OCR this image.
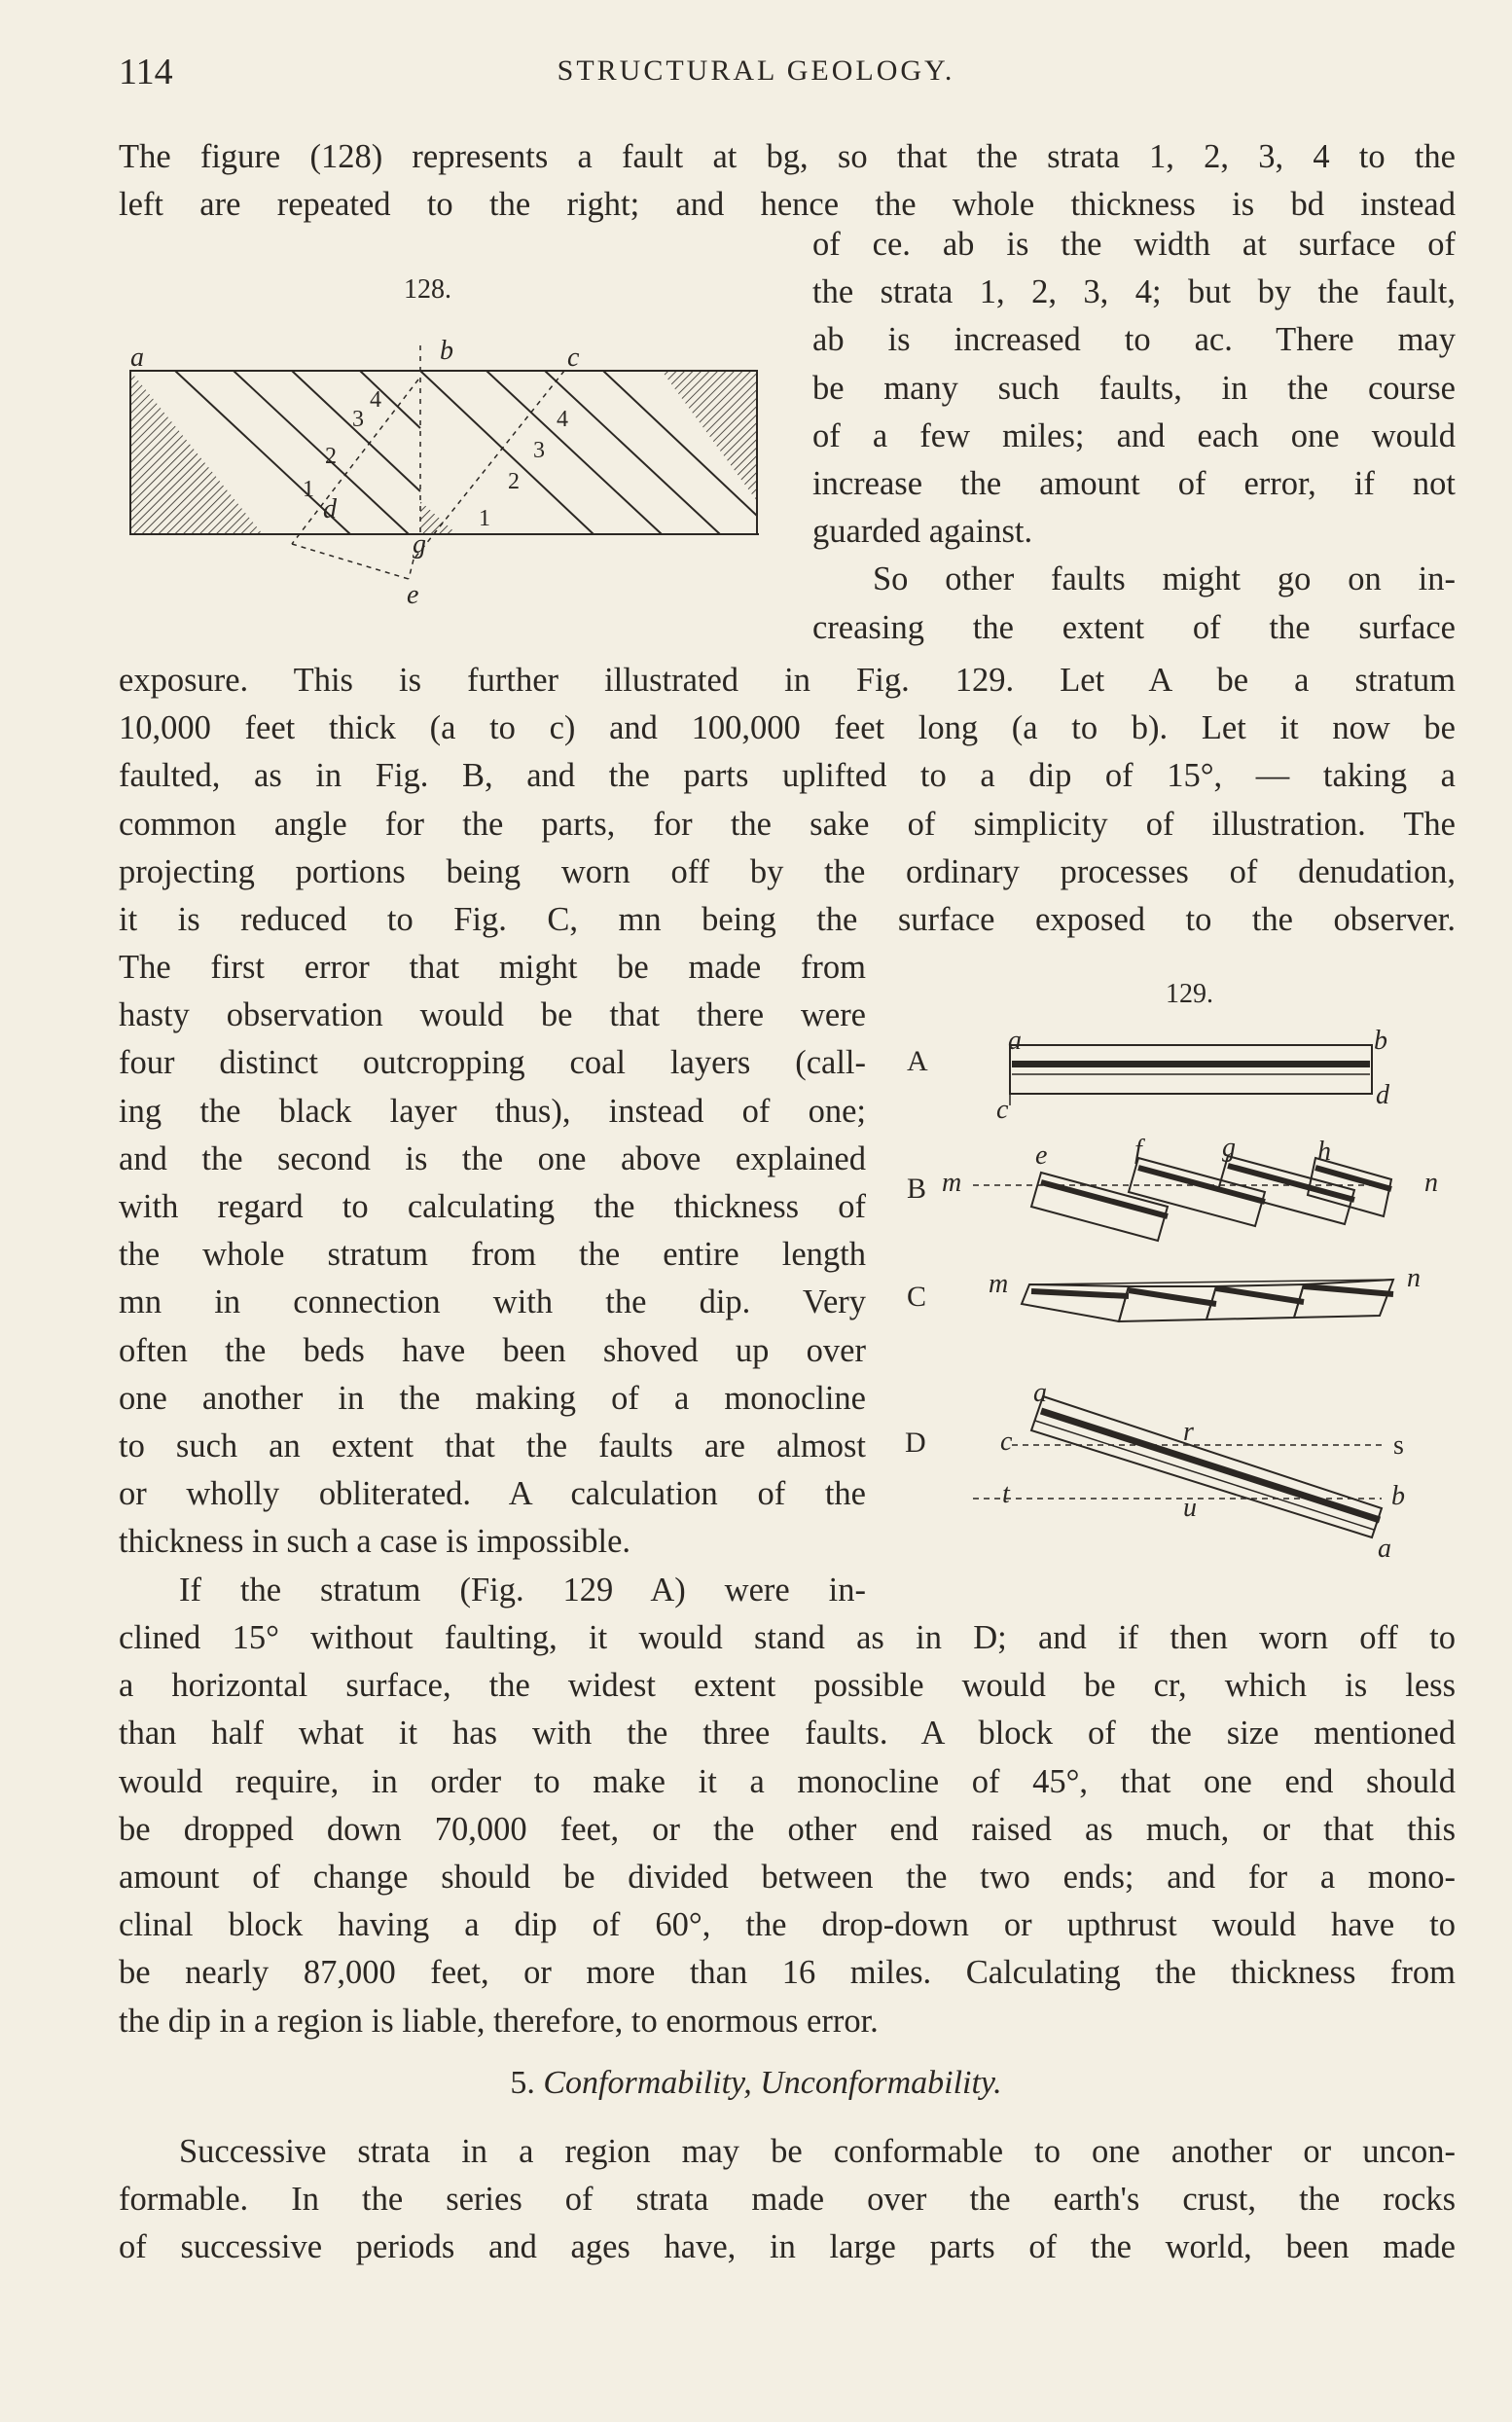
114	STRUCTURAL GEOLOGY.
The figure (128) represents a fault at bg, so that the strata 1, 2, 3, 4 to the
left are repeated to the right; and hence the whole thickness is bd instead
of ce. ab is the width at surface of
the strata 1, 2, 3, 4; but by the fault,
ab is increased to ac. There may
be many such faults, in the course
of a few miles; and each one would
increase the amount of error, if not
guarded against.
So other faults might go on in-
creasing the extent of the surface
exposure. This is further illustrated in Fig. 129. Let A be a stratum
10,000 feet thick (a to c) and 100,000 feet long (a to b). Let it now be
faulted, as in Fig. B, and the parts uplifted to a dip of 15°, — taking a
common angle for the parts, for the sake of simplicity of illustration. The
projecting portions being worn off by the ordinary processes of denudation,
it is reduced to Fig. C, mn being the surface exposed to the observer.
The first error that might be made from
hasty observation would be that there were
four distinct outcropping coal layers (call-
ing the black layer thus), instead of one;
and the second is the one above explained
with regard to calculating the thickness of
the whole stratum from the entire length
mn in connection with the dip. Very
often the beds have been shoved up over
one another in the making of a monocline
to such an extent that the faults are almost
or wholly obliterated. A calculation of the
thickness in such a case is impossible.
If the stratum (Fig. 129 A) were in-
clined 15° without faulting, it would stand as in D; and if then worn off to
a horizontal surface, the widest extent possible would be cr, which is less
than half what it has with the three faults. A block of the size mentioned
would require, in order to make it a monocline of 45°, that one end should
be dropped down 70,000 feet, or the other end raised as much, or that this
amount of change should be divided between the two ends; and for a mono-
clinal block having a dip of 60°, the drop-down or upthrust would have to
be nearly 87,000 feet, or more than 16 miles. Calculating the thickness from
the dip in a region is liable, therefore, to enormous error.
Successive strata in a region may be conformable to one another or uncon-
formable. In the series of strata made over the earth's crust, the rocks
of successive periods and ages have, in large parts of the world, been made
128.
a	b	c
d
g
e
1
2
3
4
1
2
3
4
129.
A
B
C
D
a	b
c	d
e	f	g	h
m	n
m	n
a
c	r	s
t	u	b
a
5. Conformability, Unconformability.
